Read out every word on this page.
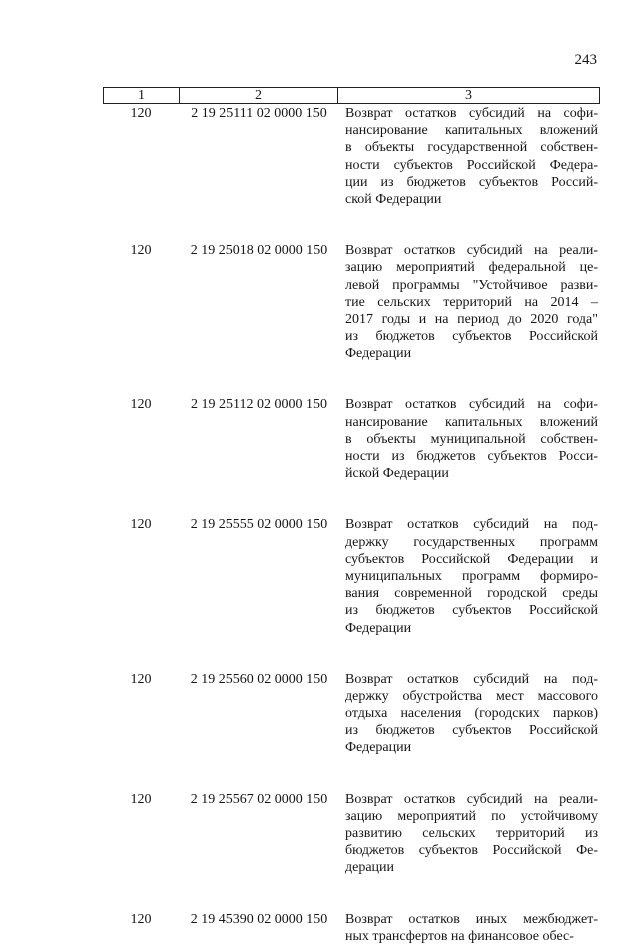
243
1	2	3
120	2 19 25111 02 0000 150	Возврат остатков субсидий на софи-
нансирование капитальных вложений
в объекты государственной собствен-
ности субъектов Российской Федера-
ции из бюджетов субъектов Россий-
ской Федерации
120	2 19 25018 02 0000 150	Возврат остатков субсидий на реали-
зацию мероприятий федеральной це-
левой программы "Устойчивое разви-
тие сельских территорий на 2014 –
2017 годы и на период до 2020 года"
из бюджетов субъектов Российской
Федерации
120	2 19 25112 02 0000 150	Возврат остатков субсидий на софи-
нансирование капитальных вложений
в объекты муниципальной собствен-
ности из бюджетов субъектов Росси-
йской Федерации
120	2 19 25555 02 0000 150	Возврат остатков субсидий на под-
держку государственных программ
субъектов Российской Федерации и
муниципальных программ формиро-
вания современной городской среды
из бюджетов субъектов Российской
Федерации
120	2 19 25560 02 0000 150	Возврат остатков субсидий на под-
держку обустройства мест массового
отдыха населения (городских парков)
из бюджетов субъектов Российской
Федерации
120	2 19 25567 02 0000 150	Возврат остатков субсидий на реали-
зацию мероприятий по устойчивому
развитию сельских территорий из
бюджетов субъектов Российской Фе-
дерации
120	2 19 45390 02 0000 150	Возврат остатков иных межбюджет-
ных трансфертов на финансовое обес-
